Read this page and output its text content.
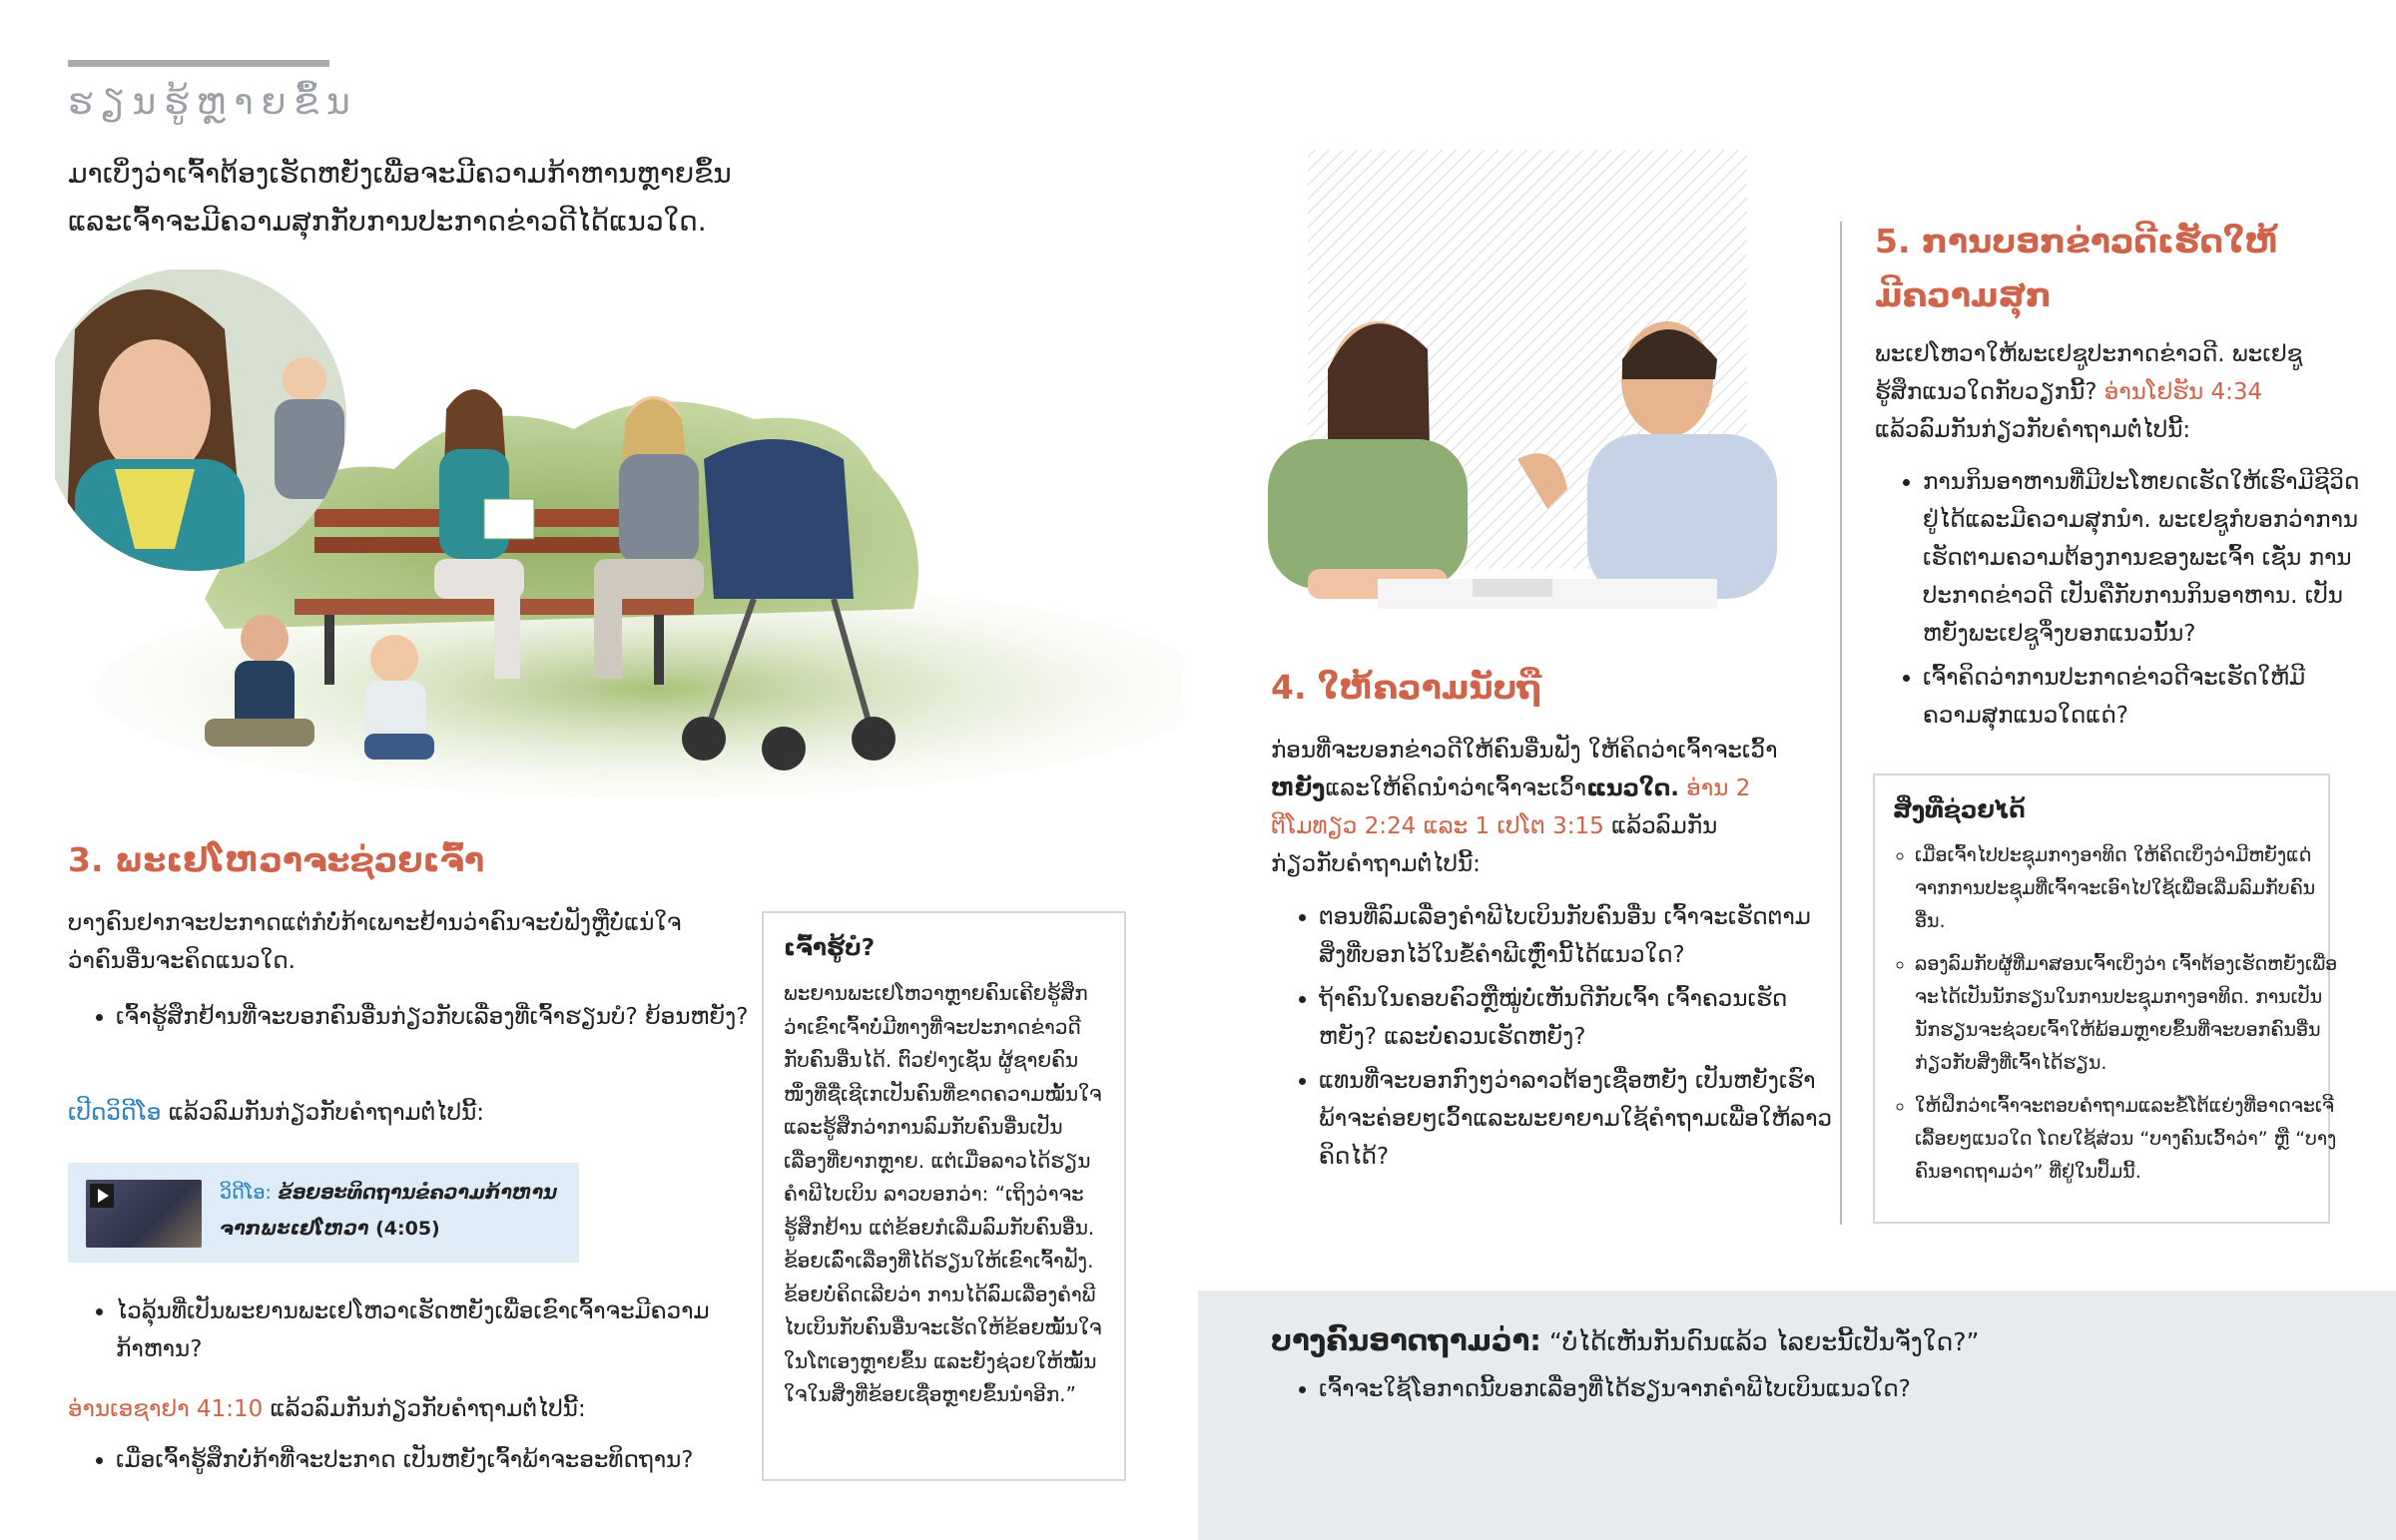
ຮຽນຮູ້ຫຼາຍຂຶ້ນ
ມາເບິ່ງວ່າເຈົ້າຕ້ອງເຮັດຫຍັງເພື່ອຈະມີຄວາມກ້າຫານຫຼາຍຂຶ້ນ ແລະເຈົ້າຈະມີຄວາມສຸກກັບການປະກາດຂ່າວດີໄດ້ແນວໃດ.
3. ພະເຢໂຫວາຈະຊ່ວຍເຈົ້າ
ບາງຄົນຢາກຈະປະກາດແຕ່ກໍບໍ່ກ້າເພາະຢ້ານວ່າຄົນຈະບໍ່ຟັງຫຼືບໍ່ແນ່ໃຈວ່າຄົນອື່ນຈະຄິດແນວໃດ.
• ເຈົ້າຮູ້ສຶກຢ້ານທີ່ຈະບອກຄົນອື່ນກ່ຽວກັບເລື່ອງທີ່ເຈົ້າຮຽນບໍ? ຍ້ອນຫຍັງ?
ເປີດວິດີໂອ ແລ້ວລົມກັນກ່ຽວກັບຄຳຖາມຕໍ່ໄປນີ້:
ວິດີໂອ: ຂ້ອຍອະທິດຖານຂໍຄວາມກ້າຫານຈາກພະເຢໂຫວາ (4:05)
• ໄວລຸ້ນທີ່ເປັນພະຍານພະເຢໂຫວາເຮັດຫຍັງເພື່ອເຂົາເຈົ້າຈະມີຄວາມກ້າຫານ?
ອ່ານເອຊາຢາ 41:10 ແລ້ວລົມກັນກ່ຽວກັບຄຳຖາມຕໍ່ໄປນີ້:
• ເມື່ອເຈົ້າຮູ້ສຶກບໍ່ກ້າທີ່ຈະປະກາດ ເປັນຫຍັງເຈົ້າພ້າຈະອະທິດຖານ?
ເຈົ້າຮູ້ບໍ?
ພະຍານພະເຢໂຫວາຫຼາຍຄົນເຄີຍຮູ້ສຶກວ່າເຂົາເຈົ້າບໍ່ມີທາງທີ່ຈະປະກາດຂ່າວດີກັບຄົນອື່ນໄດ້. ຕົວຢ່າງເຊັ່ນ ຜູ້ຊາຍຄົນໜຶ່ງທີ່ຊື່ເຊີເກເປັນຄົນທີ່ຂາດຄວາມໝັ້ນໃຈແລະຮູ້ສຶກວ່າການລົມກັບຄົນອື່ນເປັນເລື່ອງທີ່ຍາກຫຼາຍ. ແຕ່ເມື່ອລາວໄດ້ຮຽນຄຳພີໄບເບິນ ລາວບອກວ່າ: “ເຖິງວ່າຈະຮູ້ສຶກຢ້ານ ແຕ່ຂ້ອຍກໍເລີ່ມລົມກັບຄົນອື່ນ. ຂ້ອຍເລົ່າເລື່ອງທີ່ໄດ້ຮຽນໃຫ້ເຂົາເຈົ້າຟັງ. ຂ້ອຍບໍ່ຄິດເລີຍວ່າ ການໄດ້ລົມເລື່ອງຄຳພີໄບເບິນກັບຄົນອື່ນຈະເຮັດໃຫ້ຂ້ອຍໝັ້ນໃຈໃນໂຕເອງຫຼາຍຂຶ້ນ ແລະຍັງຊ່ວຍໃຫ້ໝັ້ນໃຈໃນສິ່ງທີ່ຂ້ອຍເຊື່ອຫຼາຍຂຶ້ນນຳອີກ.”
4. ໃຫ້ຄວາມນັບຖື
ກ່ອນທີ່ຈະບອກຂ່າວດີໃຫ້ຄົນອື່ນຟັງ ໃຫ້ຄິດວ່າເຈົ້າຈະເວົ້າຫຍັງແລະໃຫ້ຄິດນຳວ່າເຈົ້າຈະເວົ້າແນວໃດ. ອ່ານ 2 ຕີໂມທຽວ 2:24 ແລະ 1 ເປໂຕ 3:15 ແລ້ວລົມກັນກ່ຽວກັບຄຳຖາມຕໍ່ໄປນີ້:
• ຕອນທີ່ລົມເລື່ອງຄຳພີໄບເບິນກັບຄົນອື່ນ ເຈົ້າຈະເຮັດຕາມສິ່ງທີ່ບອກໄວ້ໃນຂໍ້ຄຳພີເຫຼົ່ານີ້ໄດ້ແນວໃດ?
• ຖ້າຄົນໃນຄອບຄົວຫຼືໝູ່ບໍ່ເຫັນດີກັບເຈົ້າ ເຈົ້າຄວນເຮັດຫຍັງ? ແລະບໍ່ຄວນເຮັດຫຍັງ?
• ແທນທີ່ຈະບອກກົງໆວ່າລາວຕ້ອງເຊື່ອຫຍັງ ເປັນຫຍັງເຮົາພ້າຈະຄ່ອຍໆເວົ້າແລະພະຍາຍາມໃຊ້ຄຳຖາມເພື່ອໃຫ້ລາວຄິດໄດ້?
5. ການບອກຂ່າວດີເຮັດໃຫ້ມີຄວາມສຸກ
ພະເຢໂຫວາໃຫ້ພະເຢຊູປະກາດຂ່າວດີ. ພະເຢຊູຮູ້ສຶກແນວໃດກັບວຽກນີ້? ອ່ານໂຢຮັນ 4:34 ແລ້ວລົມກັນກ່ຽວກັບຄຳຖາມຕໍ່ໄປນີ້:
• ການກິນອາຫານທີ່ມີປະໂຫຍດເຮັດໃຫ້ເຮົາມີຊີວິດຢູ່ໄດ້ແລະມີຄວາມສຸກນຳ. ພະເຢຊູກໍບອກວ່າການເຮັດຕາມຄວາມຕ້ອງການຂອງພະເຈົ້າ ເຊັ່ນ ການປະກາດຂ່າວດີ ເປັນຄືກັບການກິນອາຫານ. ເປັນຫຍັງພະເຢຊູຈຶ່ງບອກແນວນັ້ນ?
• ເຈົ້າຄິດວ່າການປະກາດຂ່າວດີຈະເຮັດໃຫ້ມີຄວາມສຸກແນວໃດແດ່?
ສິ່ງທີ່ຊ່ວຍໄດ້
◦ ເມື່ອເຈົ້າໄປປະຊຸມກາງອາທິດ ໃຫ້ຄິດເບິ່ງວ່າມີຫຍັງແດ່ຈາກການປະຊຸມທີ່ເຈົ້າຈະເອົາໄປໃຊ້ເພື່ອເລີ່ມລົມກັບຄົນອື່ນ.
◦ ລອງລົມກັບຜູ້ທີ່ມາສອນເຈົ້າເບິ່ງວ່າ ເຈົ້າຕ້ອງເຮັດຫຍັງເພື່ອຈະໄດ້ເປັນນັກຮຽນໃນການປະຊຸມກາງອາທິດ. ການເປັນນັກຮຽນຈະຊ່ວຍເຈົ້າໃຫ້ພ້ອມຫຼາຍຂຶ້ນທີ່ຈະບອກຄົນອື່ນກ່ຽວກັບສິ່ງທີ່ເຈົ້າໄດ້ຮຽນ.
◦ ໃຫ້ຝຶກວ່າເຈົ້າຈະຕອບຄຳຖາມແລະຂໍ້ໂຕ້ແຍ່ງທີ່ອາດຈະເຈີເລື້ອຍໆແນວໃດ ໂດຍໃຊ້ສ່ວນ “ບາງຄົນເວົ້າວ່າ” ຫຼື “ບາງຄົນອາດຖາມວ່າ” ທີ່ຢູ່ໃນປຶ້ມນີ້.
ບາງຄົນອາດຖາມວ່າ: “ບໍ່ໄດ້ເຫັນກັນດົນແລ້ວ ໄລຍະນີ້ເປັນຈັ່ງໃດ?”
• ເຈົ້າຈະໃຊ້ໂອກາດນີ້ບອກເລື່ອງທີ່ໄດ້ຮຽນຈາກຄຳພີໄບເບິນແນວໃດ?
